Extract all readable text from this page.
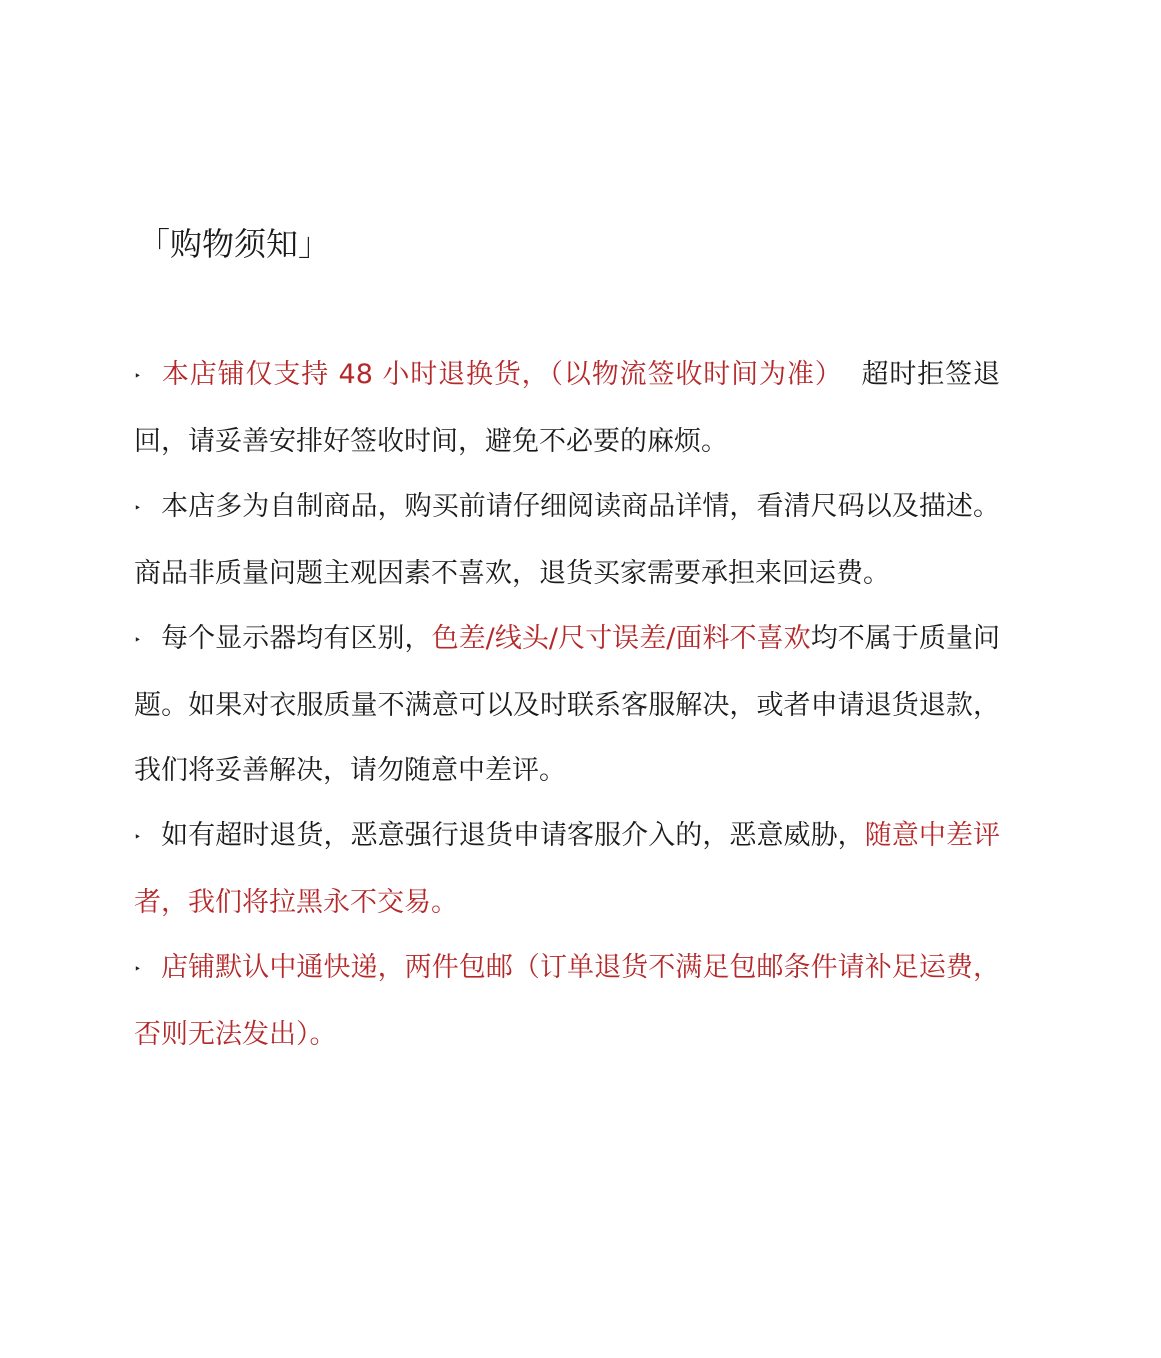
「购物须知」
‣ 本店铺仅支持 48 小时退换货，（以物流签收时间为准）  超时拒签退回，请妥善安排好签收时间，避免不必要的麻烦。
‣ 本店多为自制商品，购买前请仔细阅读商品详情，看清尺码以及描述。商品非质量问题主观因素不喜欢，退货买家需要承担来回运费。
‣ 每个显示器均有区别，色差/线头/尺寸误差/面料不喜欢均不属于质量问题。如果对衣服质量不满意可以及时联系客服解决，或者申请退货退款，我们将妥善解决，请勿随意中差评。
‣ 如有超时退货，恶意强行退货申请客服介入的，恶意威胁，随意中差评者，我们将拉黑永不交易。
‣ 店铺默认中通快递，两件包邮（订单退货不满足包邮条件请补足运费，否则无法发出）。
